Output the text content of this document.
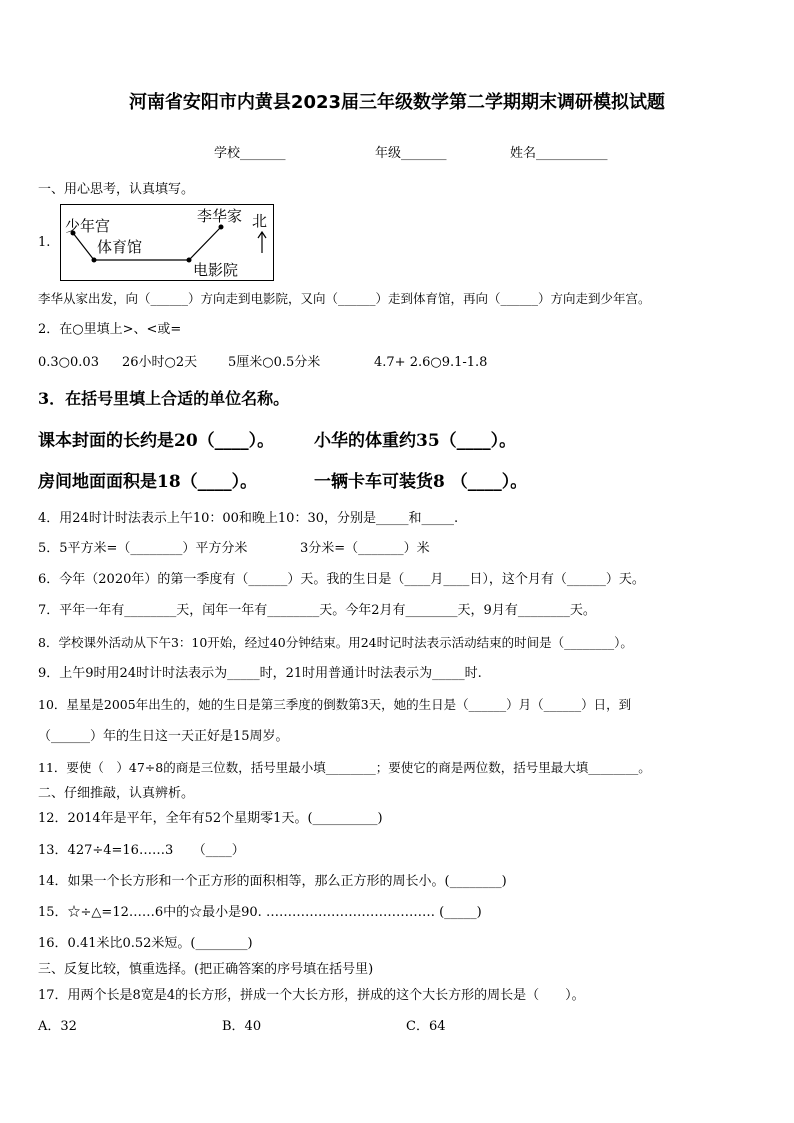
河南省安阳市内黄县2023届三年级数学第二学期期末调研模拟试题
学校_______	年级_______	姓名___________
一、用心思考，认真填写。
1.
少年宫
体育馆
李华家 北
电影院
李华从家出发，向（______）方向走到电影院，又向（______）走到体育馆，再向（______）方向走到少年宫。
2．在○里填上>、<或=
0.3○0.03 26小时○2天 5厘米○0.5分米	4.7+ 2.6○9.1-1.8
3．在括号里填上合适的单位名称。
课本封面的长约是20（____）。 小华的体重约35（____）。
房间地面面积是18（____）。	一辆卡车可装货8 （____）。
4．用24时计时法表示上午10：00和晚上10：30，分别是_____和_____.
5．5平方米=（________）平方分米	3分米=（_______）米
6．今年（2020年）的第一季度有（______）天。我的生日是（____月____日），这个月有（______）天。
7．平年一年有________天，闰年一年有________天。今年2月有________天，9月有________天。
8．学校课外活动从下午3：10开始，经过40分钟结束。用24时记时法表示活动结束的时间是（________）。
9．上午9时用24时计时法表示为_____时，21时用普通计时法表示为_____时.
10．星星是2005年出生的，她的生日是第三季度的倒数第3天，她的生日是（______）月（______）日，到
（______）年的生日这一天正好是15周岁。
11．要使（　）47÷8的商是三位数，括号里最小填________；要使它的商是两位数，括号里最大填________。
二、仔细推敲，认真辨析。
12．2014年是平年，全年有52个星期零1天。(__________)
13．427÷4=16……3　　（____）
14．如果一个长方形和一个正方形的面积相等，那么正方形的周长小。(________)
15．☆÷△=12……6中的☆最小是90. ………………………………… (_____)
16．0.41米比0.52米短。(________)
三、反复比较，慎重选择。(把正确答案的序号填在括号里)
17．用两个长是8宽是4的长方形，拼成一个大长方形，拼成的这个大长方形的周长是（　　）。
A．32	B．40	C．64
